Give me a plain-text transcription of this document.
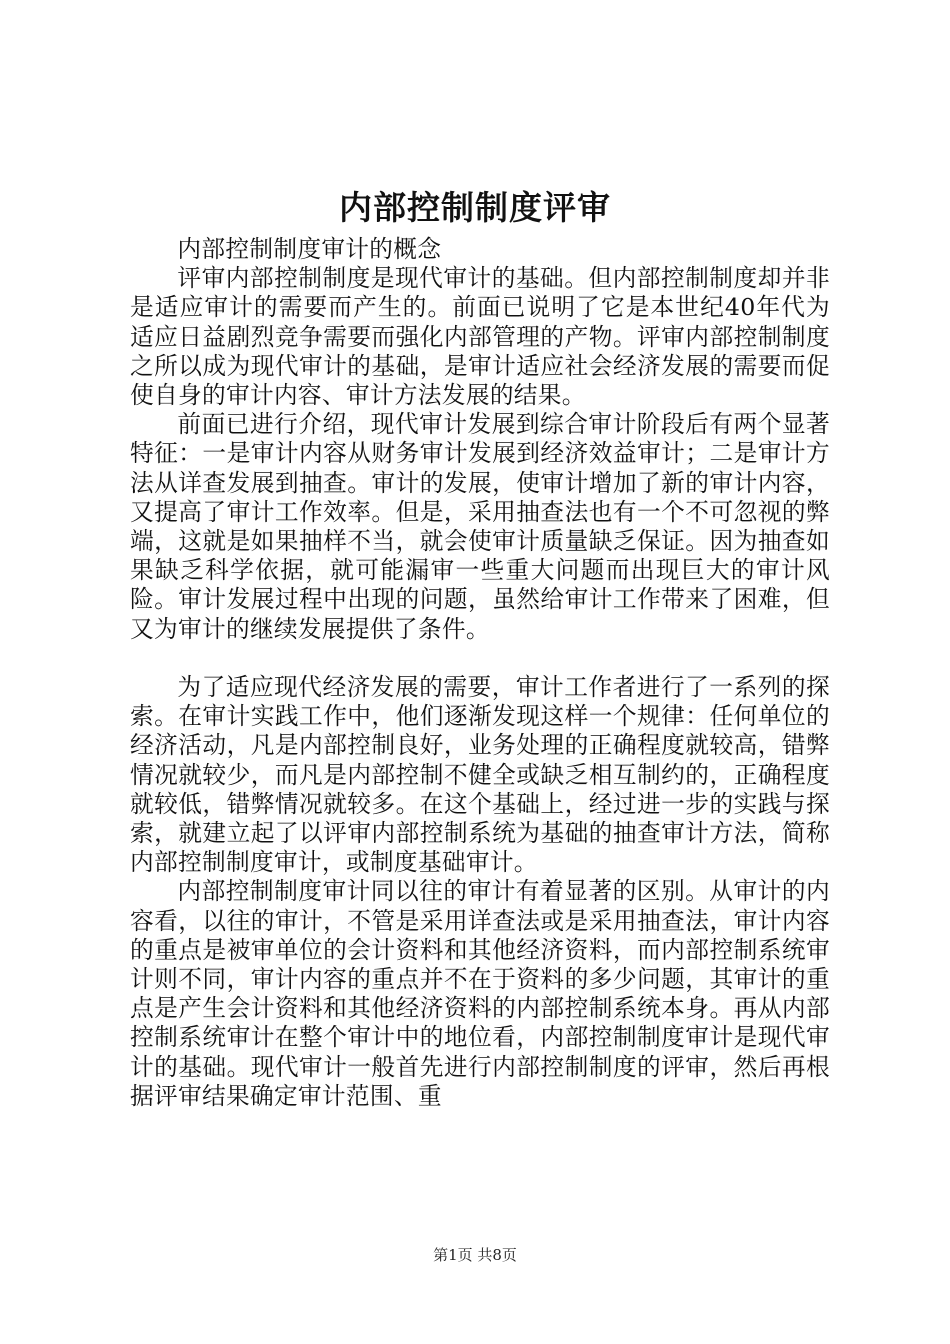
内部控制制度评审

内部控制制度审计的概念

评审内部控制制度是现代审计的基础。但内部控制制度却并非是适应审计的需要而产生的。前面已说明了它是本世纪40年代为适应日益剧烈竞争需要而强化内部管理的产物。评审内部控制制度之所以成为现代审计的基础，是审计适应社会经济发展的需要而促使自身的审计内容、审计方法发展的结果。

前面已进行介绍，现代审计发展到综合审计阶段后有两个显著特征：一是审计内容从财务审计发展到经济效益审计；二是审计方法从详查发展到抽查。审计的发展，使审计增加了新的审计内容，又提高了审计工作效率。但是，采用抽查法也有一个不可忽视的弊端，这就是如果抽样不当，就会使审计质量缺乏保证。因为抽查如果缺乏科学依据，就可能漏审一些重大问题而出现巨大的审计风险。审计发展过程中出现的问题，虽然给审计工作带来了困难，但又为审计的继续发展提供了条件。

为了适应现代经济发展的需要，审计工作者进行了一系列的探索。在审计实践工作中，他们逐渐发现这样一个规律：任何单位的经济活动，凡是内部控制良好，业务处理的正确程度就较高，错弊情况就较少，而凡是内部控制不健全或缺乏相互制约的，正确程度就较低，错弊情况就较多。在这个基础上，经过进一步的实践与探索，就建立起了以评审内部控制系统为基础的抽查审计方法，简称内部控制制度审计，或制度基础审计。

内部控制制度审计同以往的审计有着显著的区别。从审计的内容看，以往的审计，不管是采用详查法或是采用抽查法，审计内容的重点是被审单位的会计资料和其他经济资料，而内部控制系统审计则不同，审计内容的重点并不在于资料的多少问题，其审计的重点是产生会计资料和其他经济资料的内部控制系统本身。再从内部控制系统审计在整个审计中的地位看，内部控制制度审计是现代审计的基础。现代审计一般首先进行内部控制制度的评审，然后再根据评审结果确定审计范围、重

第1页 共8页
